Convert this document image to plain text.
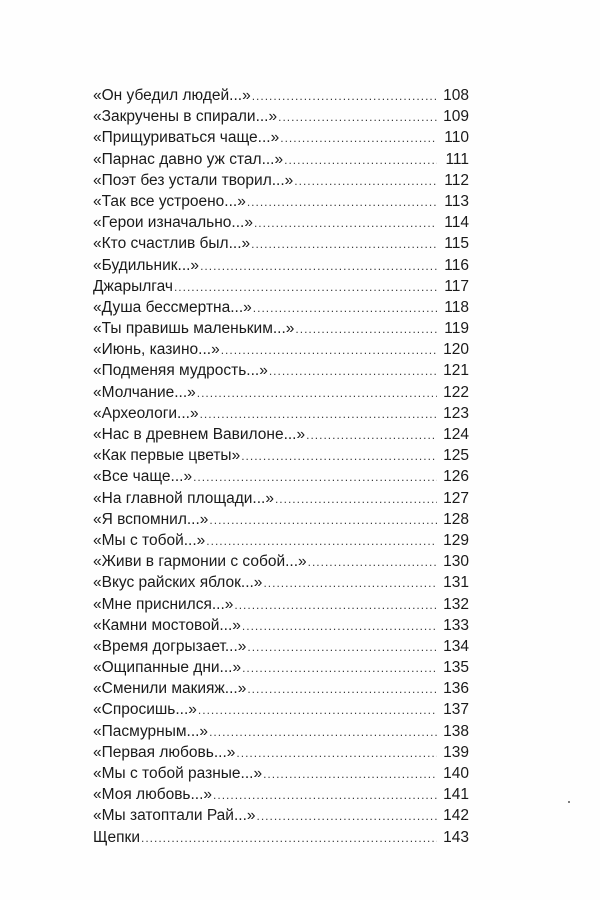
«Он убедил людей...» .....	108
«Закручены в спирали...» .....	109
«Прищуриваться чаще...» .....	110
«Парнас давно уж стал...» .....	111
«Поэт без устали творил...» .....	112
«Так все устроено...» .....	113
«Герои изначально...» .....	114
«Кто счастлив был...» .....	115
«Будильник...» .....	116
Джарылгач .....	117
«Душа бессмертна...» .....	118
«Ты правишь маленьким...» .....	119
«Июнь, казино...» .....	120
«Подменяя мудрость...» .....	121
«Молчание...» .....	122
«Археологи...» .....	123
«Нас в древнем Вавилоне...» .....	124
«Как первые цветы» .....	125
«Все чаще...» .....	126
«На главной площади...» .....	127
«Я вспомнил...» .....	128
«Мы с тобой...» .....	129
«Живи в гармонии с собой...» .....	130
«Вкус райских яблок...» .....	131
«Мне приснился...» .....	132
«Камни мостовой...» .....	133
«Время догрызает...» .....	134
«Ощипанные дни...» .....	135
«Сменили макияж...» .....	136
«Спросишь...» .....	137
«Пасмурным...» .....	138
«Первая любовь...» .....	139
«Мы с тобой разные...» .....	140
«Моя любовь...» .....	141
«Мы затоптали Рай...» .....	142
Щепки .....	143
